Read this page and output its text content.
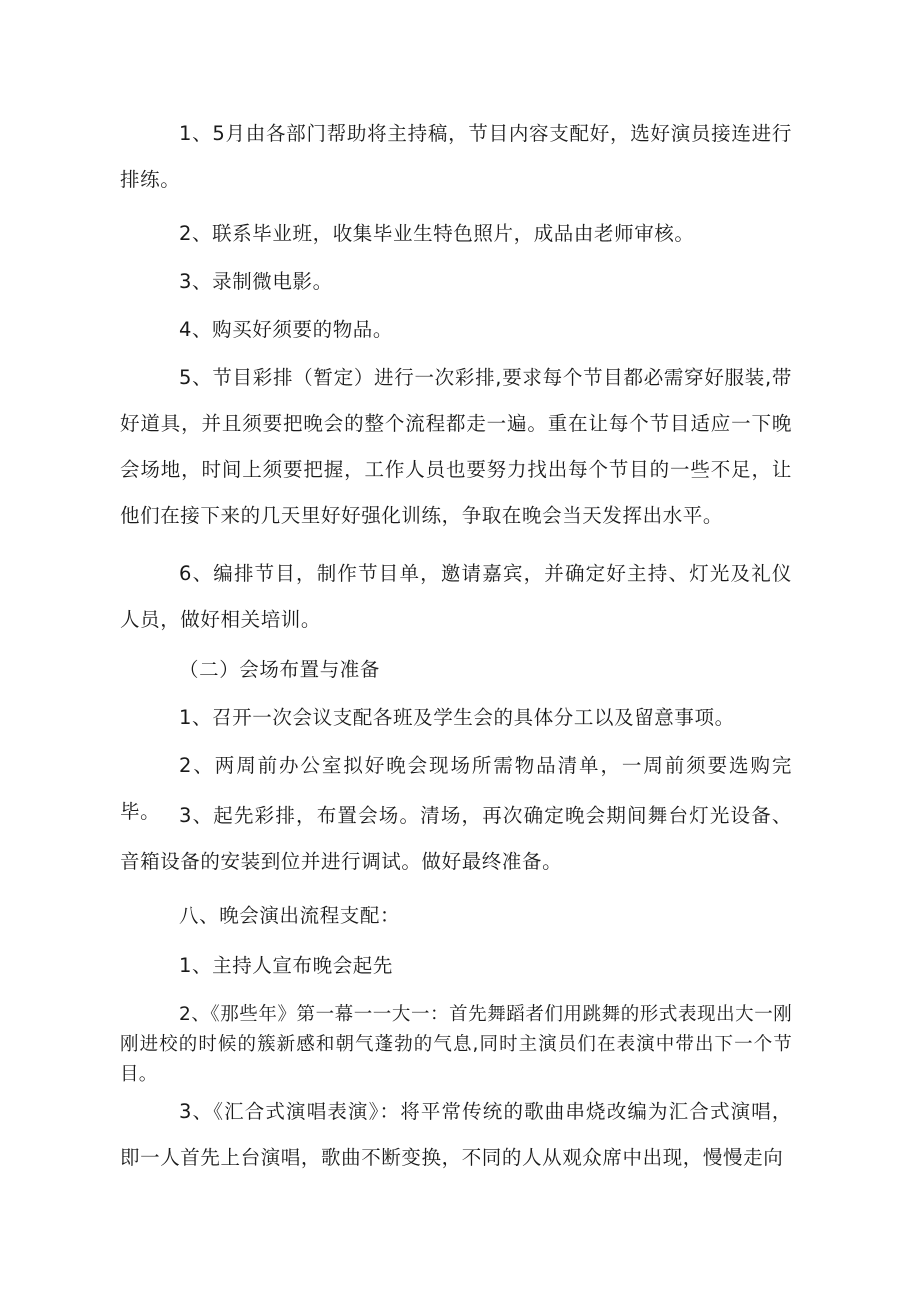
1、5月由各部门帮助将主持稿，节目内容支配好，选好演员接连进行排练。

2、联系毕业班，收集毕业生特色照片，成品由老师审核。

3、录制微电影。

4、购买好须要的物品。

5、节目彩排（暂定）进行一次彩排,要求每个节目都必需穿好服装,带好道具，并且须要把晚会的整个流程都走一遍。重在让每个节目适应一下晚会场地，时间上须要把握，工作人员也要努力找出每个节目的一些不足，让他们在接下来的几天里好好强化训练，争取在晚会当天发挥出水平。

6、编排节目，制作节目单，邀请嘉宾，并确定好主持、灯光及礼仪人员，做好相关培训。

（二）会场布置与准备

1、召开一次会议支配各班及学生会的具体分工以及留意事项。

2、两周前办公室拟好晚会现场所需物品清单，一周前须要选购完毕。 3、起先彩排，布置会场。清场，再次确定晚会期间舞台灯光设备、音箱设备的安装到位并进行调试。做好最终准备。

八、晚会演出流程支配：

1、主持人宣布晚会起先

2、《那些年》第一幕一一大一：首先舞蹈者们用跳舞的形式表现出大一刚刚进校的时候的簇新感和朝气蓬勃的气息,同时主演员们在表演中带出下一个节目。

3、《汇合式演唱表演》：将平常传统的歌曲串烧改编为汇合式演唱，即一人首先上台演唱，歌曲不断变换，不同的人从观众席中出现，慢慢走向
